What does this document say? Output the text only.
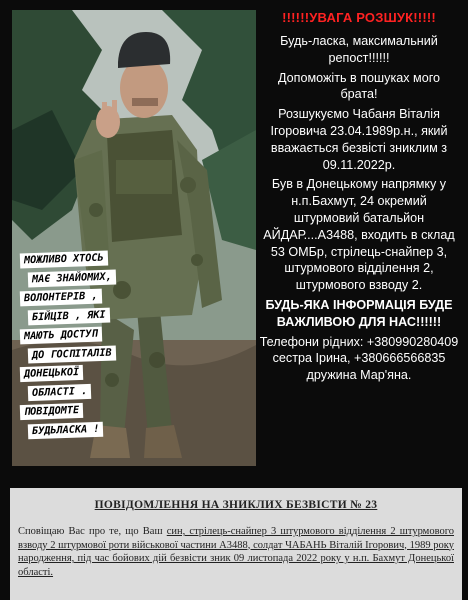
МОЖЛИВО ХТОСЬ
МАЄ ЗНАЙОМИХ,
ВОЛОНТЕРІВ ,
БІЙЦІВ , ЯКІ
МАЮТЬ ДОСТУП
ДО ГОСПІТАЛІВ
ДОНЕЦЬКОЇ
ОБЛАСТІ .
ПОВІДОМТЕ
БУДЬЛАСКА !
!!!!!!УВАГА РОЗШУК!!!!!

Будь-ласка, максимальний репост!!!!!!

Допоможіть в пошуках мого брата!

Розшукуємо Чабаня Віталія Ігоровича 23.04.1989р.н., який вважається безвісті зниклим з 09.11.2022р.

Був в Донецькому напрямку у н.п.Бахмут, 24 окремий штурмовий батальйон АЙДАР....А3488, входить в склад 53 ОМБр, стрілець-снайпер 3, штурмового відділення 2, штурмового взводу 2.

БУДЬ-ЯКА ІНФОРМАЦІЯ БУДЕ ВАЖЛИВОЮ ДЛЯ НАС!!!!!!

Телефони рідних: +380990280409 сестра Ірина, +380666566835 дружина Мар'яна.

ПОВІДОМЛЕННЯ НА ЗНИКЛИХ БЕЗВІСТИ № 23
Сповіщаю Вас про те, що Ваш син, стрілець-снайпер 3 штурмового відділення 2 штурмового взводу 2 штурмової роти військової частини А3488, солдат ЧАБАНЬ Віталій Ігорович, 1989 року народження, під час бойових дій безвісти зник 09 листопада 2022 року у н.п. Бахмут Донецької області.
